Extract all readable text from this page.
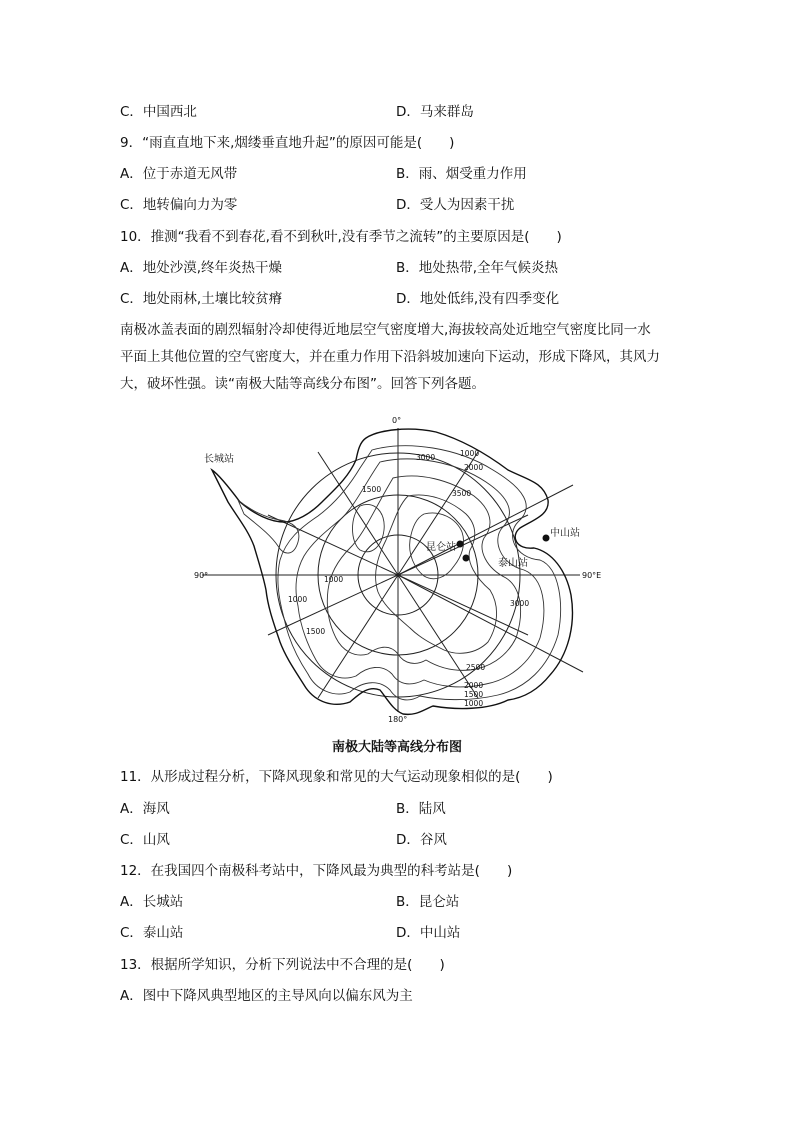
C．中国西北	D．马来群岛
9．“雨直直地下来,烟缕垂直地升起”的原因可能是(　　)
A．位于赤道无风带	B．雨、烟受重力作用
C．地转偏向力为零	D．受人为因素干扰
10．推测“我看不到春花,看不到秋叶,没有季节之流转”的主要原因是(　　)
A．地处沙漠,终年炎热干燥	B．地处热带,全年气候炎热
C．地处雨林,土壤比较贫瘠	D．地处低纬,没有四季变化
南极冰盖表面的剧烈辐射冷却使得近地层空气密度增大,海拔较高处近地空气密度比同一水
平面上其他位置的空气密度大，并在重力作用下沿斜坡加速向下运动，形成下降风，其风力
大，破坏性强。读“南极大陆等高线分布图”。回答下列各题。
3000	1000
2000
3500
1500
1000
1000
1500
3000
2500
2000
1500
1000
0°
180°
90°	90°E
长城站
昆仑站
泰山站
中山站
南极大陆等高线分布图
11．从形成过程分析，下降风现象和常见的大气运动现象相似的是(　　)
A．海风	B．陆风
C．山风	D．谷风
12．在我国四个南极科考站中，下降风最为典型的科考站是(　　)
A．长城站	B．昆仑站
C．泰山站	D．中山站
13．根据所学知识，分析下列说法中不合理的是(　　)
A．图中下降风典型地区的主导风向以偏东风为主
